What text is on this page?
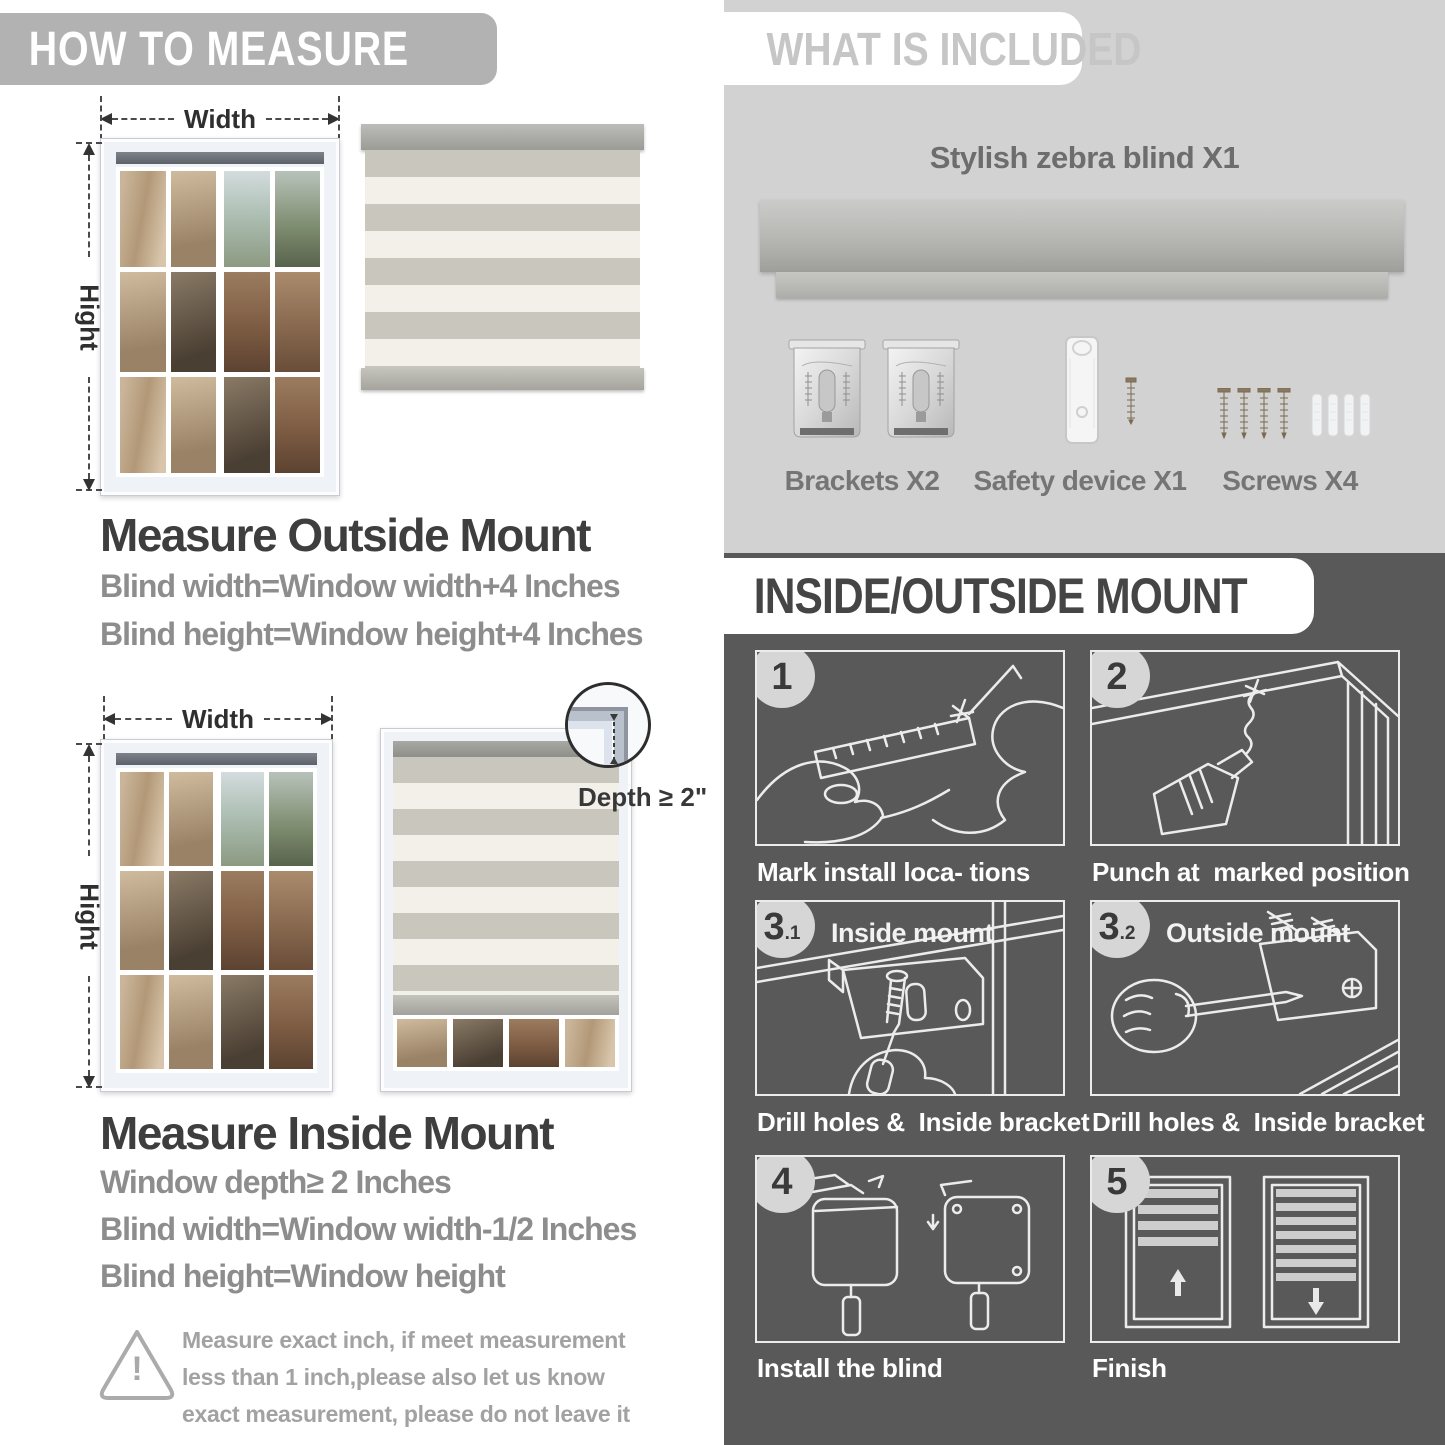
HOW TO MEASURE
Width
Hight
Measure Outside Mount
Blind width=Window width+4 Inches
Blind height=Window height+4 Inches
Width
Hight
Depth ≥ 2"
Measure Inside Mount
Window depth≥ 2 Inches
Blind width=Window width-1/2 Inches
Blind height=Window height
!
Measure exact inch, if meet measurement less than 1 inch,please also let us know exact measurement, please do not leave it
WHAT IS INCLUDED
Stylish zebra blind X1
Brackets X2 Safety device X1 Screws X4
INSIDE/OUTSIDE MOUNT
1
Mark install loca- tions
2
Punch at  marked position
3 .1 Inside mount
Drill holes &  Inside bracket
3 .2 Outside mount
Drill holes &  Inside bracket
4
Install the blind
5
Finish
